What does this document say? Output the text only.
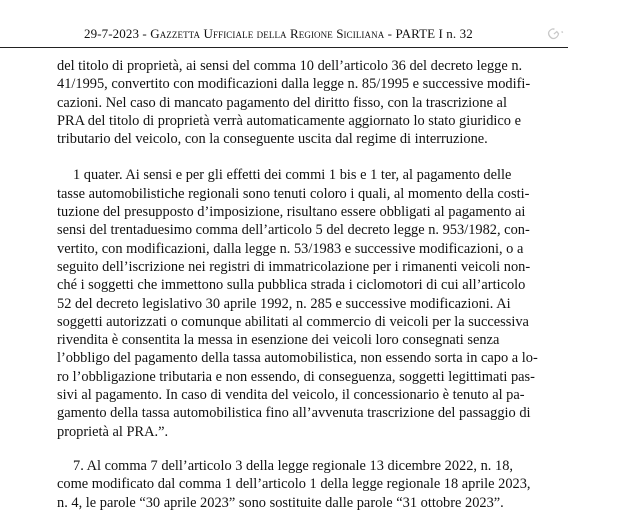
29-7-2023 - Gazzetta Ufficiale della Regione Siciliana - PARTE I n. 32	G.

del titolo di proprietà, ai sensi del comma 10 dell’articolo 36 del decreto legge n.
41/1995, convertito con modificazioni dalla legge n. 85/1995 e successive modifi-
cazioni. Nel caso di mancato pagamento del diritto fisso, con la trascrizione al
PRA del titolo di proprietà verrà automaticamente aggiornato lo stato giuridico e
tributario del veicolo, con la conseguente uscita dal regime di interruzione.

1 quater. Ai sensi e per gli effetti dei commi 1 bis e 1 ter, al pagamento delle
tasse automobilistiche regionali sono tenuti coloro i quali, al momento della costi-
tuzione del presupposto d’imposizione, risultano essere obbligati al pagamento ai
sensi del trentaduesimo comma dell’articolo 5 del decreto legge n. 953/1982, con-
vertito, con modificazioni, dalla legge n. 53/1983 e successive modificazioni, o a
seguito dell’iscrizione nei registri di immatricolazione per i rimanenti veicoli non-
ché i soggetti che immettono sulla pubblica strada i ciclomotori di cui all’articolo
52 del decreto legislativo 30 aprile 1992, n. 285 e successive modificazioni. Ai
soggetti autorizzati o comunque abilitati al commercio di veicoli per la successiva
rivendita è consentita la messa in esenzione dei veicoli loro consegnati senza
l’obbligo del pagamento della tassa automobilistica, non essendo sorta in capo a lo-
ro l’obbligazione tributaria e non essendo, di conseguenza, soggetti legittimati pas-
sivi al pagamento. In caso di vendita del veicolo, il concessionario è tenuto al pa-
gamento della tassa automobilistica fino all’avvenuta trascrizione del passaggio di
proprietà al PRA.”.

7. Al comma 7 dell’articolo 3 della legge regionale 13 dicembre 2022, n. 18,
come modificato dal comma 1 dell’articolo 1 della legge regionale 18 aprile 2023,
n. 4, le parole “30 aprile 2023” sono sostituite dalle parole “31 ottobre 2023”.
